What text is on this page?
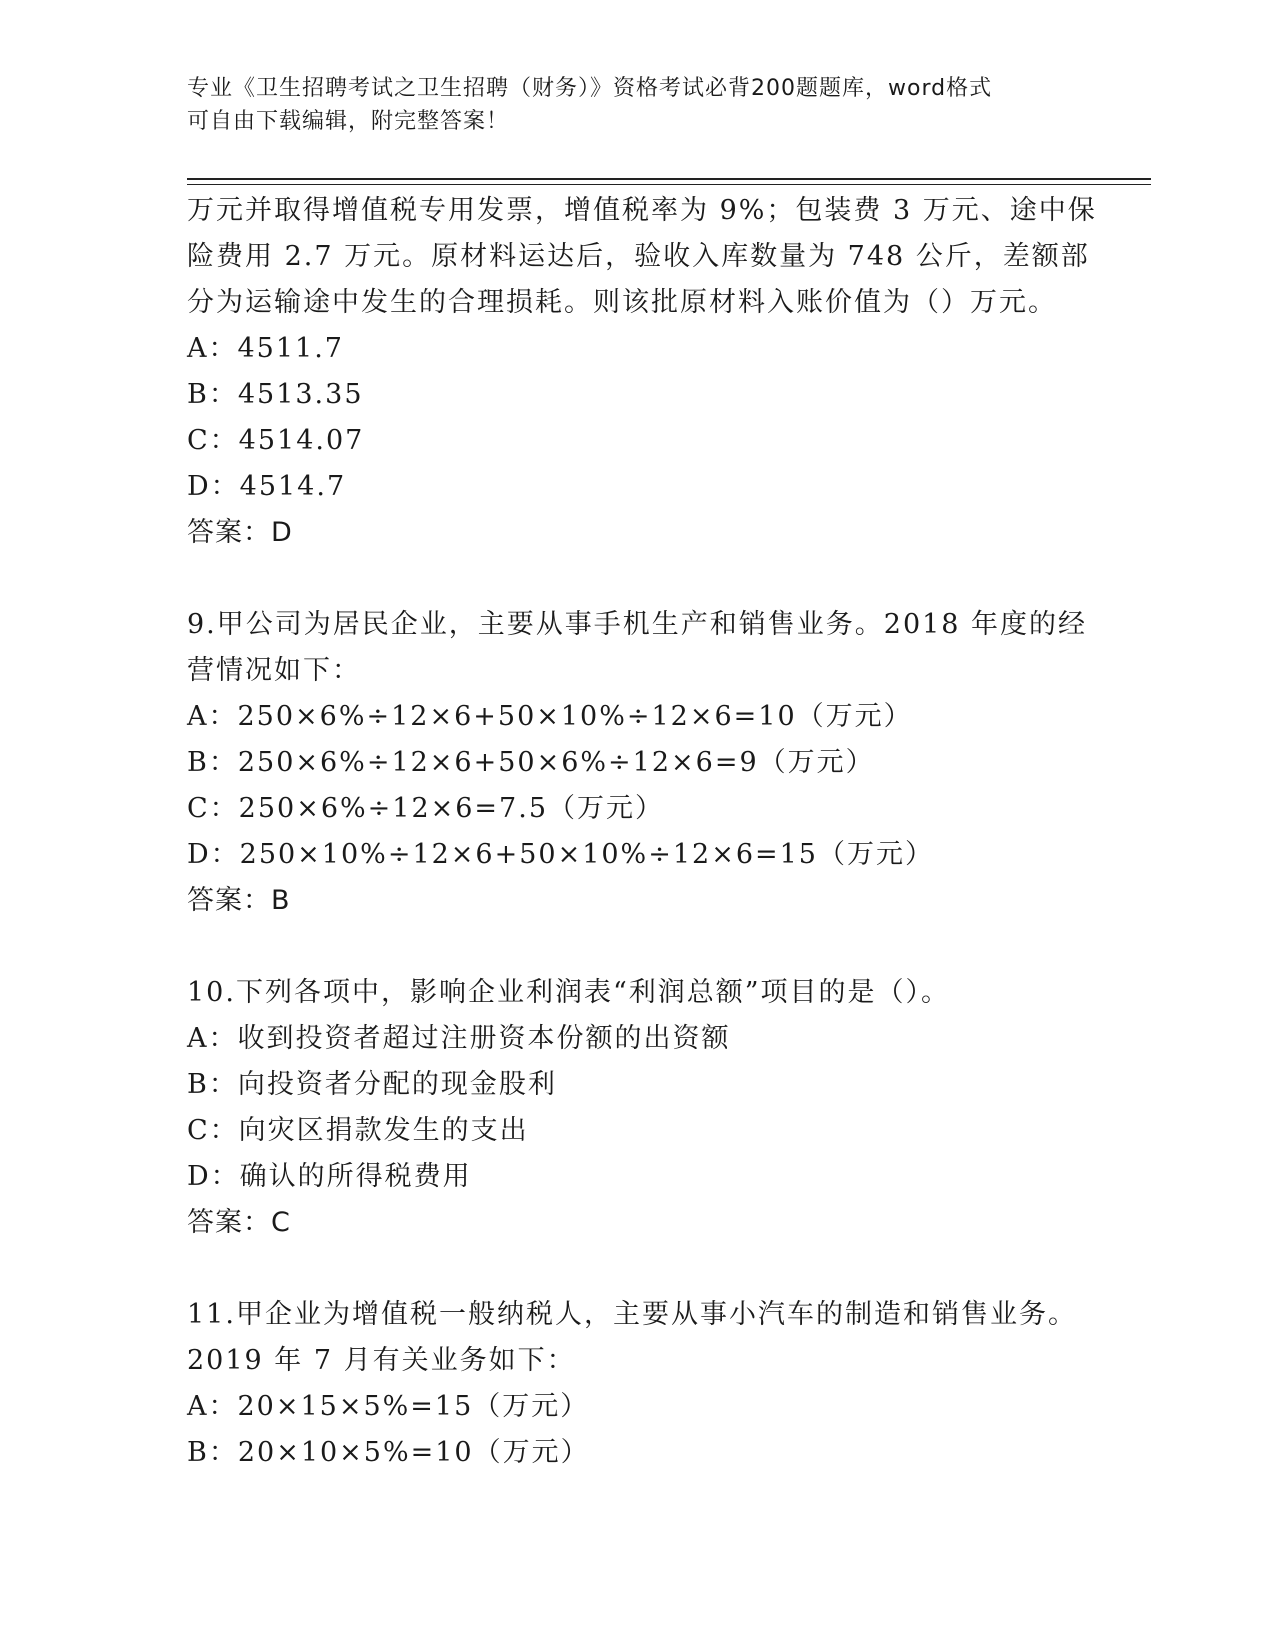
专业《卫生招聘考试之卫生招聘（财务）》资格考试必背200题题库，word格式
可自由下载编辑，附完整答案！
万元并取得增值税专用发票，增值税率为 9%；包装费 3 万元、途中保
险费用 2.7 万元。原材料运达后，验收入库数量为 748 公斤，差额部
分为运输途中发生的合理损耗。则该批原材料入账价值为（）万元。
A：4511.7
B：4513.35
C：4514.07
D：4514.7
答案：D
9.甲公司为居民企业，主要从事手机生产和销售业务。2018 年度的经
营情况如下：
A：250×6%÷12×6+50×10%÷12×6=10（万元）
B：250×6%÷12×6+50×6%÷12×6=9（万元）
C：250×6%÷12×6=7.5（万元）
D：250×10%÷12×6+50×10%÷12×6=15（万元）
答案：B
10.下列各项中，影响企业利润表“利润总额”项目的是（）。
A：收到投资者超过注册资本份额的出资额
B：向投资者分配的现金股利
C：向灾区捐款发生的支出
D：确认的所得税费用
答案：C
11.甲企业为增值税一般纳税人，主要从事小汽车的制造和销售业务。
2019 年 7 月有关业务如下：
A：20×15×5%=15（万元）
B：20×10×5%=10（万元）
